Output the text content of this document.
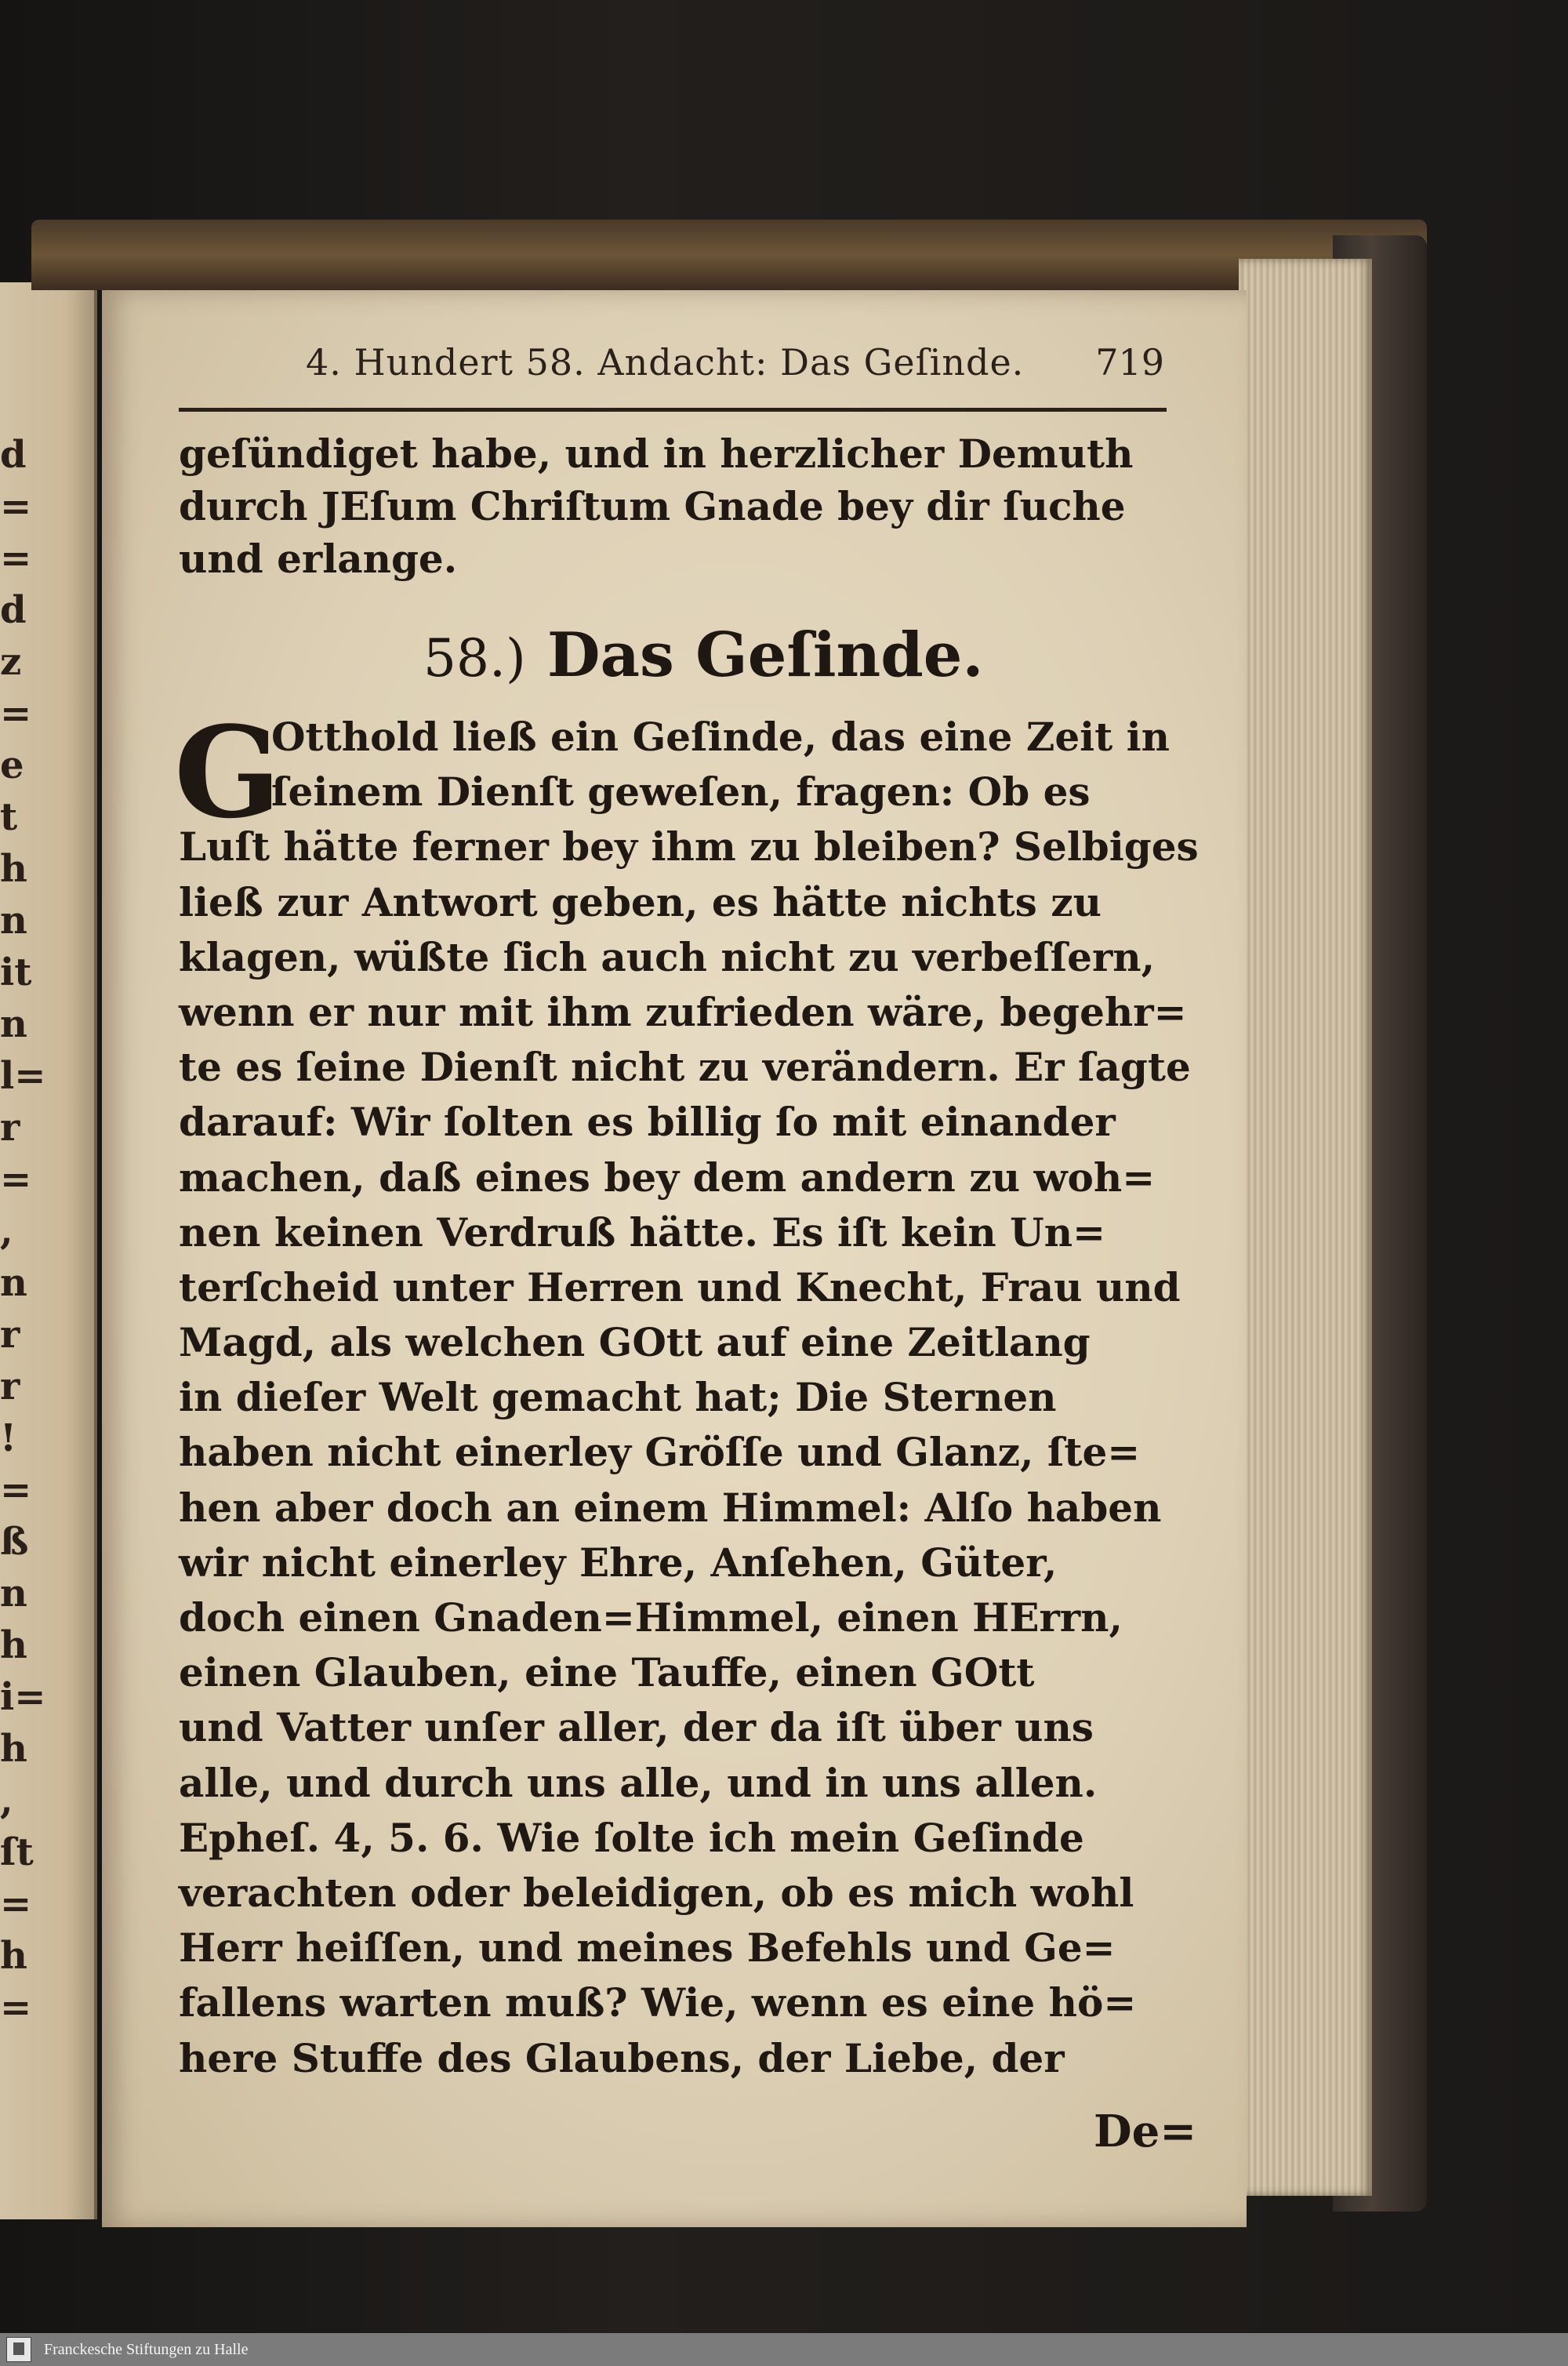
d
=
=
d
z
=
e
t
h
n
it
n
l=
r
=
,
n
r
r
!
=
ß
n
h
i=
h
,
ſt
=
h
=
4. Hundert 58. Andacht: Das Geſinde. 719
geſündiget habe, und in herzlicher Demuth
durch JEſum Chriſtum Gnade bey dir ſuche
und erlange.
58.) Das Geſinde.
G
Otthold ließ ein Geſinde, das eine Zeit in
ſeinem Dienſt geweſen, fragen: Ob es
Luſt hätte ferner bey ihm zu bleiben? Selbiges
ließ zur Antwort geben, es hätte nichts zu
klagen, wüßte ſich auch nicht zu verbeſſern,
wenn er nur mit ihm zufrieden wäre, begehr=
te es ſeine Dienſt nicht zu verändern. Er ſagte
darauf: Wir ſolten es billig ſo mit einander
machen, daß eines bey dem andern zu woh=
nen keinen Verdruß hätte. Es iſt kein Un=
terſcheid unter Herren und Knecht, Frau und
Magd, als welchen GOtt auf eine Zeitlang
in dieſer Welt gemacht hat; Die Sternen
haben nicht einerley Gröſſe und Glanz, ſte=
hen aber doch an einem Himmel: Alſo haben
wir nicht einerley Ehre, Anſehen, Güter,
doch einen Gnaden=Himmel, einen HErrn,
einen Glauben, eine Tauffe, einen GOtt
und Vatter unſer aller, der da iſt über uns
alle, und durch uns alle, und in uns allen.
Epheſ. 4, 5. 6. Wie ſolte ich mein Geſinde
verachten oder beleidigen, ob es mich wohl
Herr heiſſen, und meines Befehls und Ge=
fallens warten muß? Wie, wenn es eine hö=
here Stuffe des Glaubens, der Liebe, der
De=
Franckesche Stiftungen zu Halle
